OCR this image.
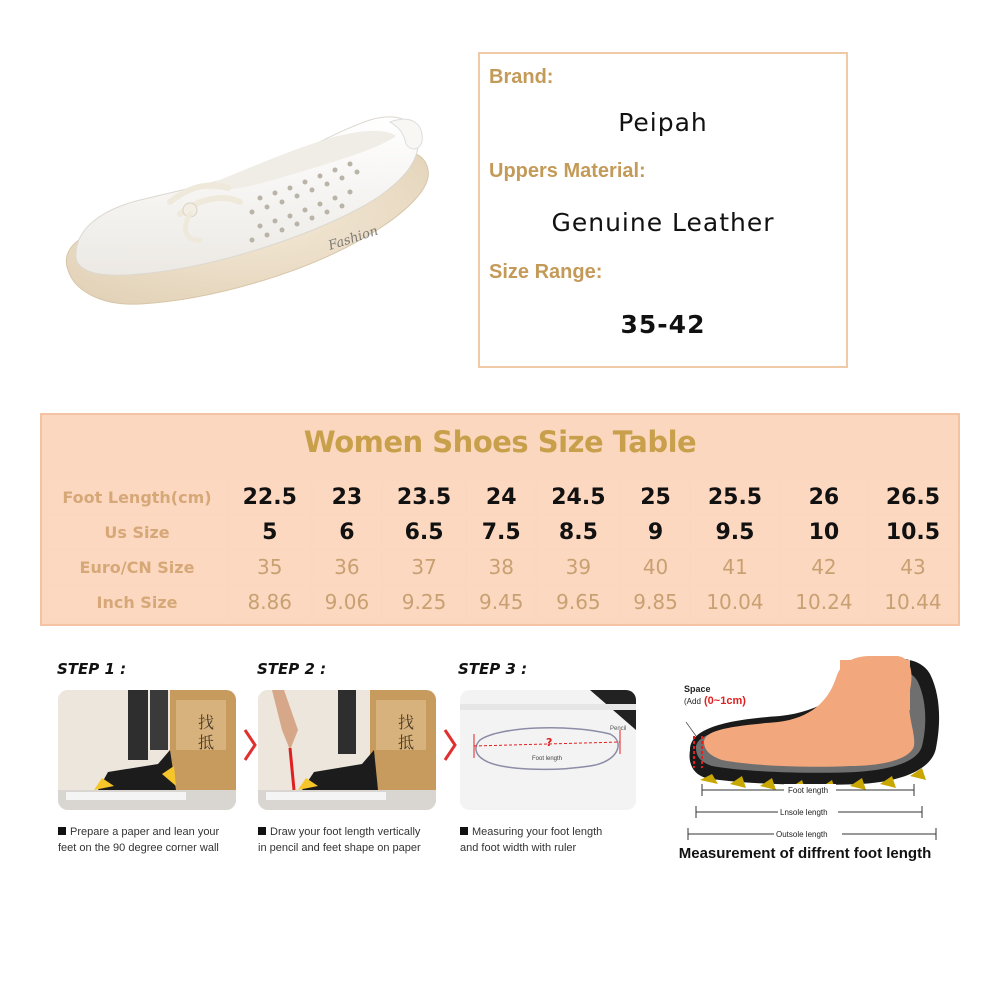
Fashion
Brand:
Peipah
Uppers Material:
Genuine Leather
Size Range:
35-42
Women Shoes Size Table
Foot Length(cm)	22.5	23	23.5	24	24.5	25	25.5	26	26.5
Us Size	5	6	6.5	7.5	8.5	9	9.5	10	10.5
Euro/CN Size	35	36	37	38	39	40	41	42	43
Inch Size	8.86	9.06	9.25	9.45	9.65	9.85	10.04	10.24	10.44
STEP 1 :
找
抵
Prepare a paper and lean your
feet on the 90 degree corner wall
STEP 2 :
找
抵
Draw your foot length vertically
in pencil and feet shape on paper
STEP 3 :
?
Foot length
Pencil
Measuring your foot length
and foot width with ruler
Space
(Add (0~1cm)
Foot length
Lnsole length
Outsole length
Measurement of diffrent foot length
